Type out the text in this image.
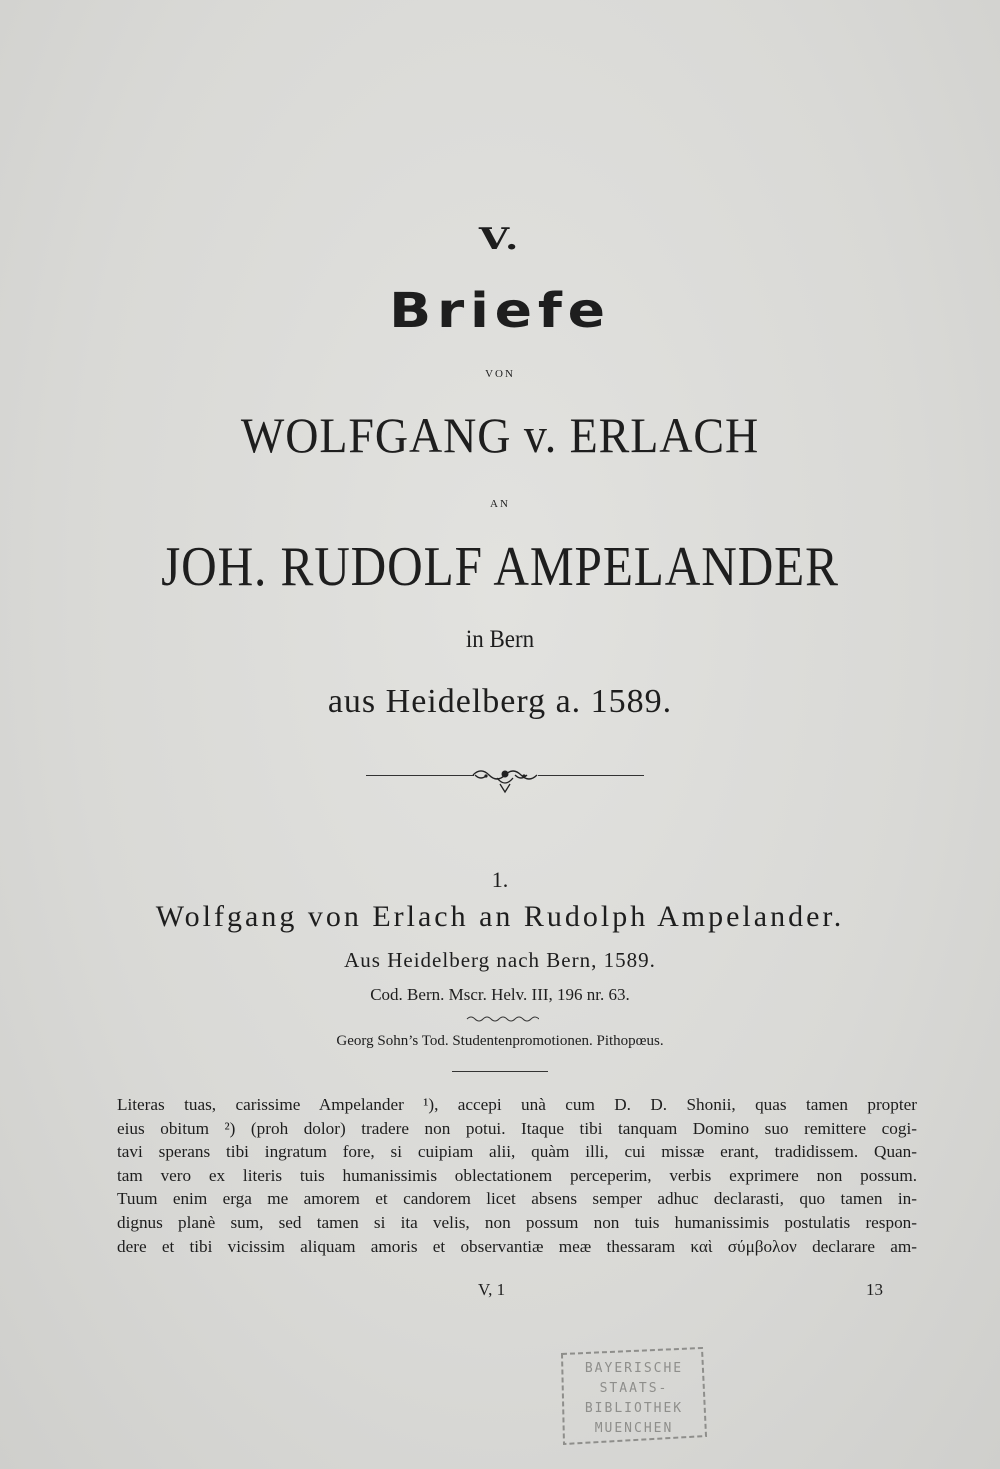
V.
Briefe
VON
WOLFGANG v. ERLACH
AN
JOH. RUDOLF AMPELANDER
in Bern
aus Heidelberg a. 1589.
1.
Wolfgang von Erlach an Rudolph Ampelander.
Aus Heidelberg nach Bern, 1589.
Cod. Bern. Mscr. Helv. III, 196 nr. 63.
Georg Sohn’s Tod. Studentenpromotionen. Pithopœus.
Literas tuas, carissime Ampelander ¹), accepi unà cum D. D. Shonii, quas tamen propter
eius obitum ²) (proh dolor) tradere non potui. Itaque tibi tanquam Domino suo remittere cogi-
tavi sperans tibi ingratum fore, si cuipiam alii, quàm illi, cui missæ erant, tradidissem. Quan-
tam vero ex literis tuis humanissimis oblectationem perceperim, verbis exprimere non possum.
Tuum enim erga me amorem et candorem licet absens semper adhuc declarasti, quo tamen in-
dignus planè sum, sed tamen si ita velis, non possum non tuis humanissimis postulatis respon-
dere et tibi vicissim aliquam amoris et observantiæ meæ thessaram καὶ σύμβολον declarare am-
V, 1	13
BAYERISCHE
STAATS-
BIBLIOTHEK
MUENCHEN
